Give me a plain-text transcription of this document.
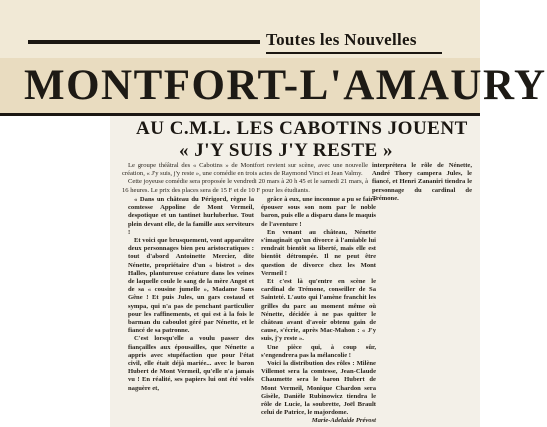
Toutes les Nouvelles
MONTFORT-L'AMAURY
AU C.M.L. LES CABOTINS JOUENT
« J'Y SUIS J'Y RESTE »

Le groupe théâtral des « Cabotins » de Montfort revient sur scène, avec une nouvelle création, « J'y suis, j'y reste », une comédie en trois actes de Raymond Vinci et Jean Valmy.

Cette joyeuse comédie sera proposée le vendredi 20 mars à 20 h 45 et le samedi 21 mars, à 16 heures. Le prix des places sera de 15 F et de 10 F pour les étudiants.

interprétera le rôle de Nénette, André Thory campera Jules, le fiancé, et Henri Zananiri tiendra le personnage du cardinal de Trémone.

« Dans un château du Périgord, règne la comtesse Appoline de Mont Vermeil, despotique et un tantinet hurluberlue. Tout plein devant elle, de la famille aux serviteurs !

Et voici que brusquement, vont apparaître deux personnages bien peu aristocratiques : tout d'abord Antoinette Mercier, dite Nénette, propriétaire d'un « bistrot » des Halles, plantureuse créature dans les veines de laquelle coule le sang de la mère Angot et de sa « cousine jumelle », Madame Sans Gêne ! Et puis Jules, un gars costaud et sympa, qui n'a pas de penchant particulier pour les raffinements, et qui est à la fois le barman du caboulot géré par Nénette, et le fiancé de sa patronne.

C'est lorsqu'elle a voulu passer des fiançailles aux épousailles, que Nénette a appris avec stupéfaction que pour l'état civil, elle était déjà mariée... avec le baron Hubert de Mont Vermeil, qu'elle n'a jamais vu ! En réalité, ses papiers lui ont été volés naguère et,

grâce à eux, une inconnue a pu se faire épouser sous son nom par le noble baron, puis elle a disparu dans le maquis de l'aventure !

En venant au château, Nénette s'imaginait qu'un divorce à l'amiable lui rendrait bientôt sa liberté, mais elle est bientôt détrompée. Il ne peut être question de divorce chez les Mont Vermeil !

Et c'est là qu'entre en scène le cardinal de Trémone, conseiller de Sa Sainteté. L'auto qui l'amène franchit les grilles du parc au moment même où Nénette, décidée à ne pas quitter le château avant d'avoir obtenu gain de cause, s'écrie, après Mac-Mahon : « J'y suis, j'y reste ».

Une pièce qui, à coup sûr, s'engendrera pas la mélancolie !

Voici la distribution des rôles : Milène Villemot sera la comtesse, Jean-Claude Chaumette sera le baron Hubert de Mont Vermeil, Monique Chardon sera Gisèle, Danièle Rubinowicz tiendra le rôle de Lucie, la soubrette, Joël Brault celui de Patrice, le majordome.

Marie-Adelaide Prévost
